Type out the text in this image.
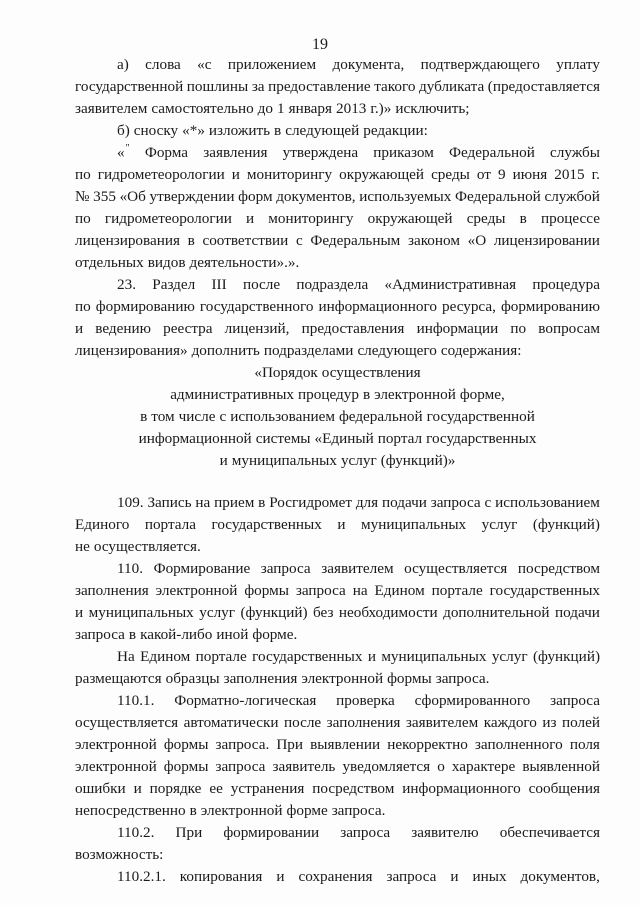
19
а) слова «с приложением документа, подтверждающего уплату
государственной пошлины за предоставление такого дубликата (предоставляется
заявителем самостоятельно до 1 января 2013 г.)» исключить;
б) сноску «*» изложить в следующей редакции:
«" Форма заявления утверждена приказом Федеральной службы
по гидрометеорологии и мониторингу окружающей среды от 9 июня 2015 г.
№ 355 «Об утверждении форм документов, используемых Федеральной службой
по гидрометеорологии и мониторингу окружающей среды в процессе
лицензирования в соответствии с Федеральным законом «О лицензировании
отдельных видов деятельности».».
23. Раздел III после подраздела «Административная процедура
по формированию государственного информационного ресурса, формированию
и ведению реестра лицензий, предоставления информации по вопросам
лицензирования» дополнить подразделами следующего содержания:
«Порядок осуществления
административных процедур в электронной форме,
в том числе с использованием федеральной государственной
информационной системы «Единый портал государственных
и муниципальных услуг (функций)»
109. Запись на прием в Росгидромет для подачи запроса с использованием
Единого портала государственных и муниципальных услуг (функций)
не осуществляется.
110. Формирование запроса заявителем осуществляется посредством
заполнения электронной формы запроса на Едином портале государственных
и муниципальных услуг (функций) без необходимости дополнительной подачи
запроса в какой-либо иной форме.
На Едином портале государственных и муниципальных услуг (функций)
размещаются образцы заполнения электронной формы запроса.
110.1. Форматно-логическая проверка сформированного запроса
осуществляется автоматически после заполнения заявителем каждого из полей
электронной формы запроса. При выявлении некорректно заполненного поля
электронной формы запроса заявитель уведомляется о характере выявленной
ошибки и порядке ее устранения посредством информационного сообщения
непосредственно в электронной форме запроса.
110.2. При формировании запроса заявителю обеспечивается
возможность:
110.2.1. копирования и сохранения запроса и иных документов,
